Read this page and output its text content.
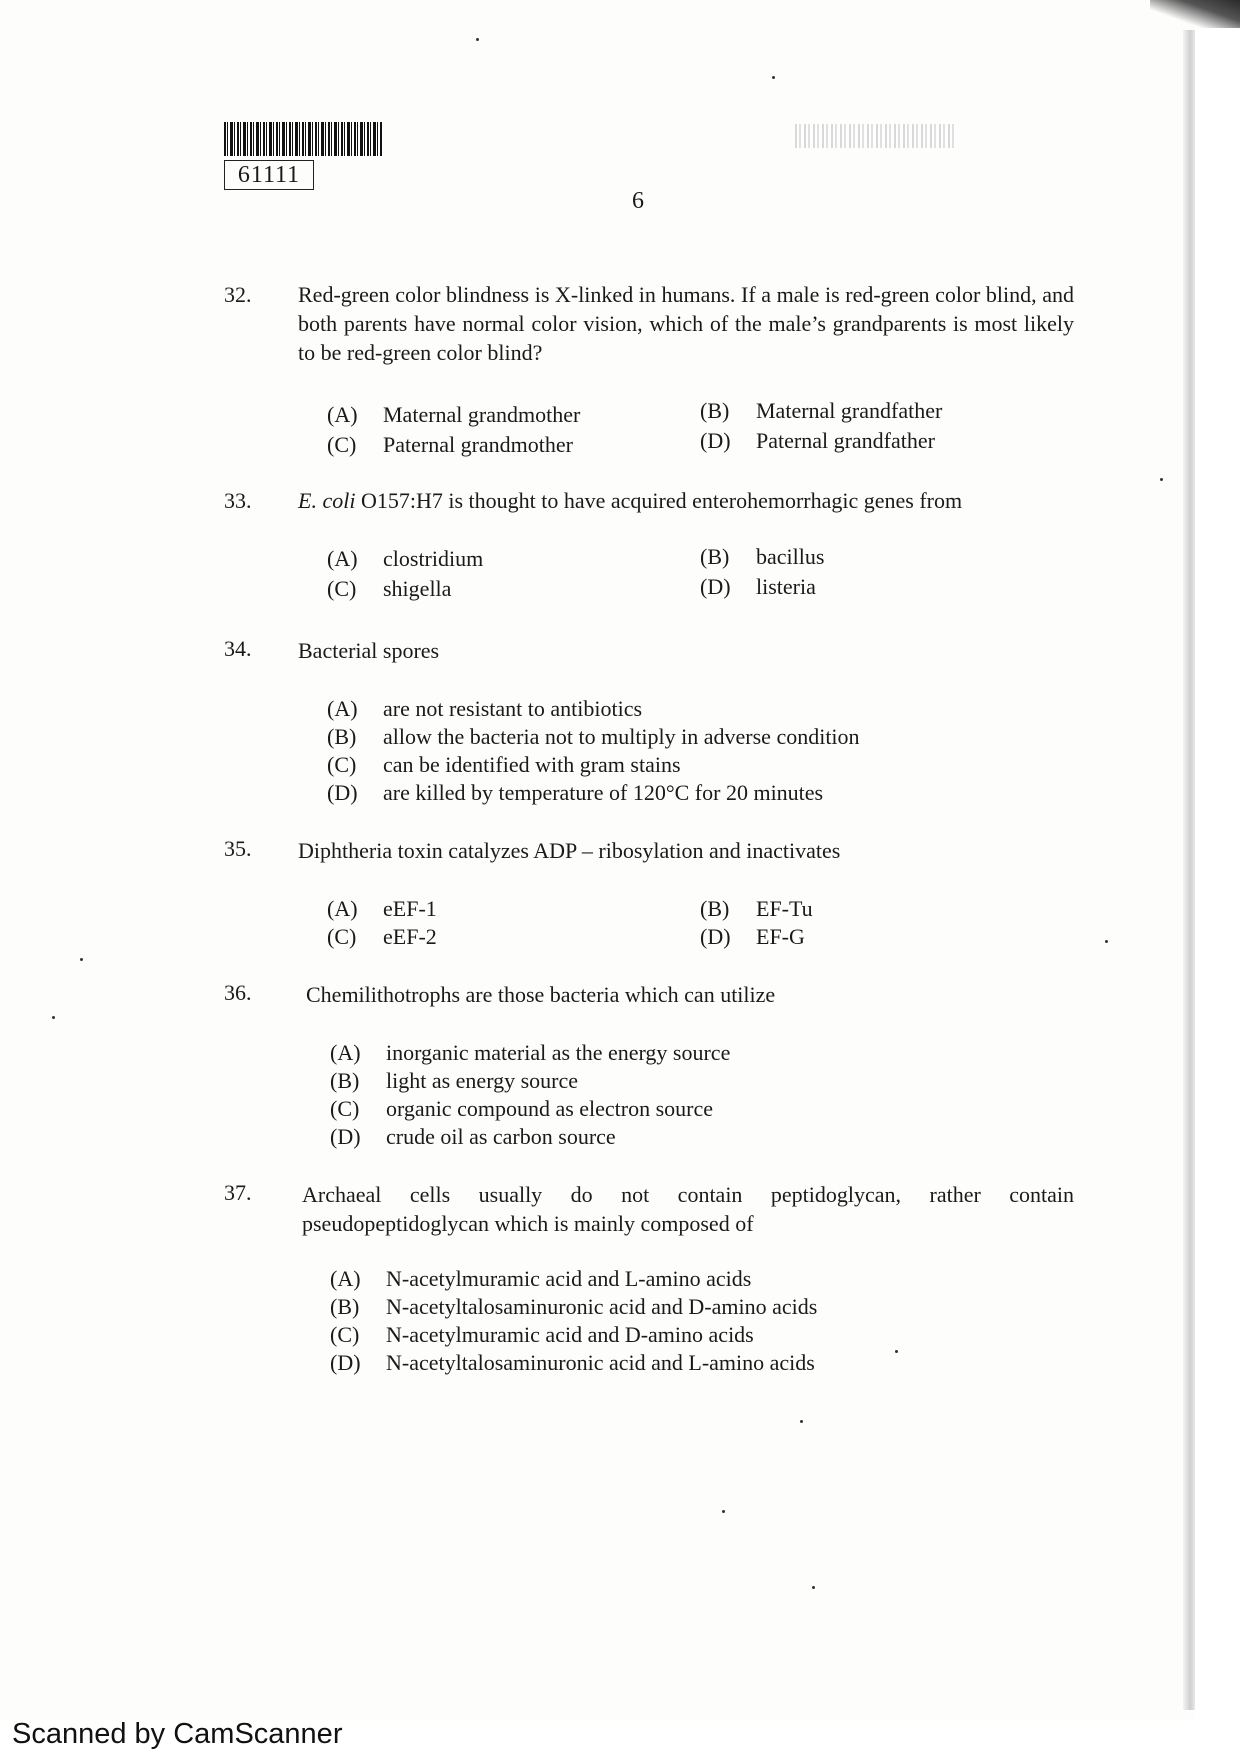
61111
6
32. Red-green color blindness is X-linked in humans. If a male is red-green color blind, and both parents have normal color vision, which of the male’s grandparents is most likely to be red-green color blind?
(A) Maternal grandmother	(B) Maternal grandfather
(C) Paternal grandmother	(D) Paternal grandfather
33. E. coli O157:H7 is thought to have acquired enterohemorrhagic genes from
(A) clostridium	(B) bacillus
(C) shigella	(D) listeria
34. Bacterial spores
(A) are not resistant to antibiotics
(B) allow the bacteria not to multiply in adverse condition
(C) can be identified with gram stains
(D) are killed by temperature of 120°C for 20 minutes
35. Diphtheria toxin catalyzes ADP – ribosylation and inactivates
(A) eEF-1	(B) EF-Tu
(C) eEF-2	(D) EF-G
36. Chemilithotrophs are those bacteria which can utilize
(A) inorganic material as the energy source
(B) light as energy source
(C) organic compound as electron source
(D) crude oil as carbon source
37. Archaeal cells usually do not contain peptidoglycan, rather contain pseudopeptidoglycan which is mainly composed of
(A) N-acetylmuramic acid and L-amino acids
(B) N-acetyltalosaminuronic acid and D-amino acids
(C) N-acetylmuramic acid and D-amino acids
(D) N-acetyltalosaminuronic acid and L-amino acids
Scanned by CamScanner
